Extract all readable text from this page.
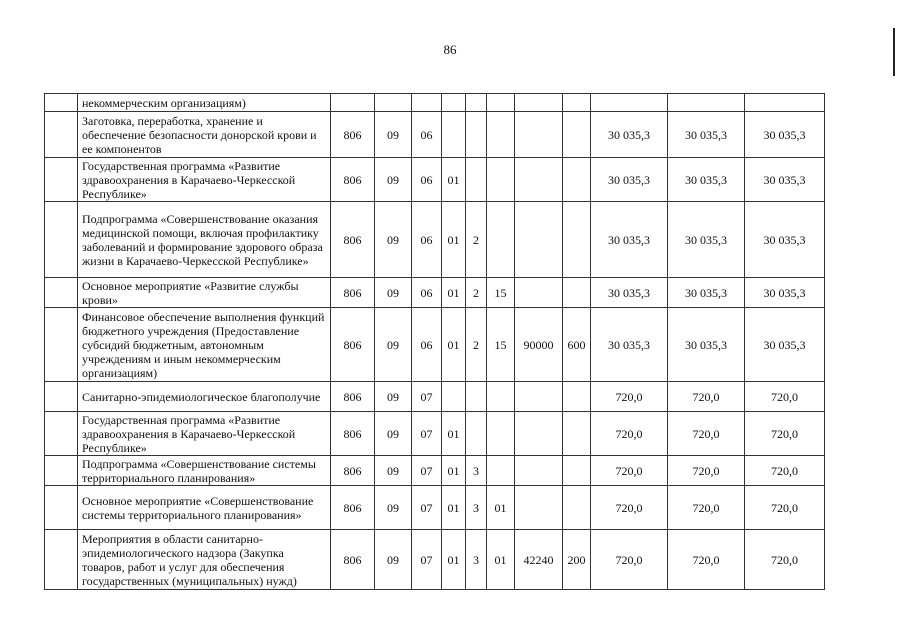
86
	некоммерческим организациям)											
	Заготовка, переработка, хранение и обеспечение безопасности донорской крови и ее компонентов	806	09	06						30 035,3	30 035,3	30 035,3
	Государственная программа «Развитие здравоохранения в Карачаево-Черкесской Республике»	806	09	06	01					30 035,3	30 035,3	30 035,3
	Подпрограмма «Совершенствование оказания медицинской помощи, включая профилактику заболеваний и формирование здорового образа жизни в Карачаево-Черкесской Республике»	806	09	06	01	2				30 035,3	30 035,3	30 035,3
	Основное мероприятие «Развитие службы крови»	806	09	06	01	2	15			30 035,3	30 035,3	30 035,3
	Финансовое обеспечение выполнения функций бюджетного учреждения (Предоставление субсидий бюджетным, автономным учреждениям и иным некоммерческим организациям)	806	09	06	01	2	15	90000	600	30 035,3	30 035,3	30 035,3
	Санитарно-эпидемиологическое благополучие	806	09	07						720,0	720,0	720,0
	Государственная программа «Развитие здравоохранения в Карачаево-Черкесской Республике»	806	09	07	01					720,0	720,0	720,0
	Подпрограмма «Совершенствование системы территориального планирования»	806	09	07	01	3				720,0	720,0	720,0
	Основное мероприятие «Совершенствование системы территориального планирования»	806	09	07	01	3	01			720,0	720,0	720,0
	Мероприятия в области санитарно-эпидемиологического надзора (Закупка товаров, работ и услуг для обеспечения государственных (муниципальных) нужд)	806	09	07	01	3	01	42240	200	720,0	720,0	720,0
